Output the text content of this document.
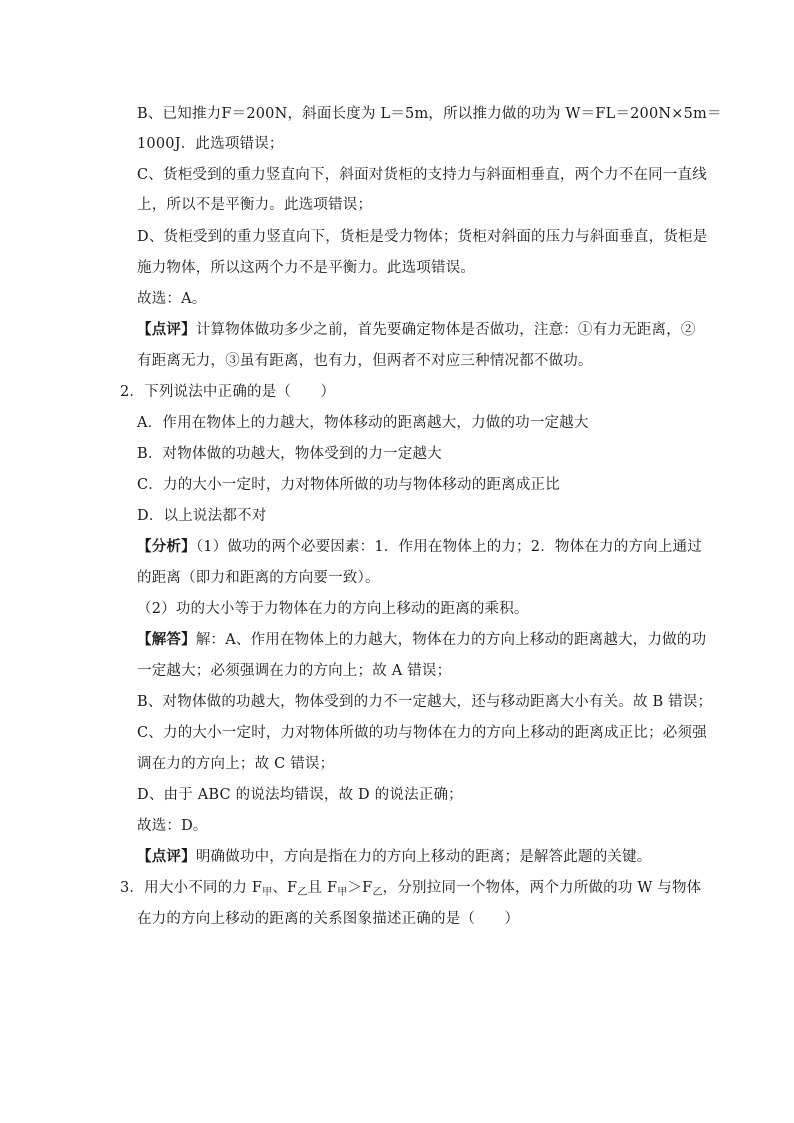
B、已知推力F＝200N，斜面长度为 L＝5m，所以推力做的功为 W＝FL＝200N×5m＝
1000J．此选项错误；
C、货柜受到的重力竖直向下，斜面对货柜的支持力与斜面相垂直，两个力不在同一直线
上，所以不是平衡力。此选项错误；
D、货柜受到的重力竖直向下，货柜是受力物体；货柜对斜面的压力与斜面垂直，货柜是
施力物体，所以这两个力不是平衡力。此选项错误。
故选：A。
【点评】计算物体做功多少之前，首先要确定物体是否做功，注意：①有力无距离，②
有距离无力，③虽有距离，也有力，但两者不对应三种情况都不做功。
2．下列说法中正确的是（　　）
A．作用在物体上的力越大，物体移动的距离越大，力做的功一定越大
B．对物体做的功越大，物体受到的力一定越大
C．力的大小一定时，力对物体所做的功与物体移动的距离成正比
D．以上说法都不对
【分析】（1）做功的两个必要因素：1．作用在物体上的力；2．物体在力的方向上通过
的距离（即力和距离的方向要一致）。
（2）功的大小等于力物体在力的方向上移动的距离的乘积。
【解答】解：A、作用在物体上的力越大，物体在力的方向上移动的距离越大，力做的功
一定越大；必须强调在力的方向上；故 A 错误；
B、对物体做的功越大，物体受到的力不一定越大，还与移动距离大小有关。故 B 错误；
C、力的大小一定时，力对物体所做的功与物体在力的方向上移动的距离成正比；必须强
调在力的方向上；故 C 错误；
D、由于 ABC 的说法均错误，故 D 的说法正确；
故选：D。
【点评】明确做功中，方向是指在力的方向上移动的距离；是解答此题的关键。
3．用大小不同的力 $F_甲$、$F_乙$且 $F_甲>F_乙$，分别拉同一个物体，两个力所做的功 W 与物体
在力的方向上移动的距离的关系图象描述正确的是（　　）
